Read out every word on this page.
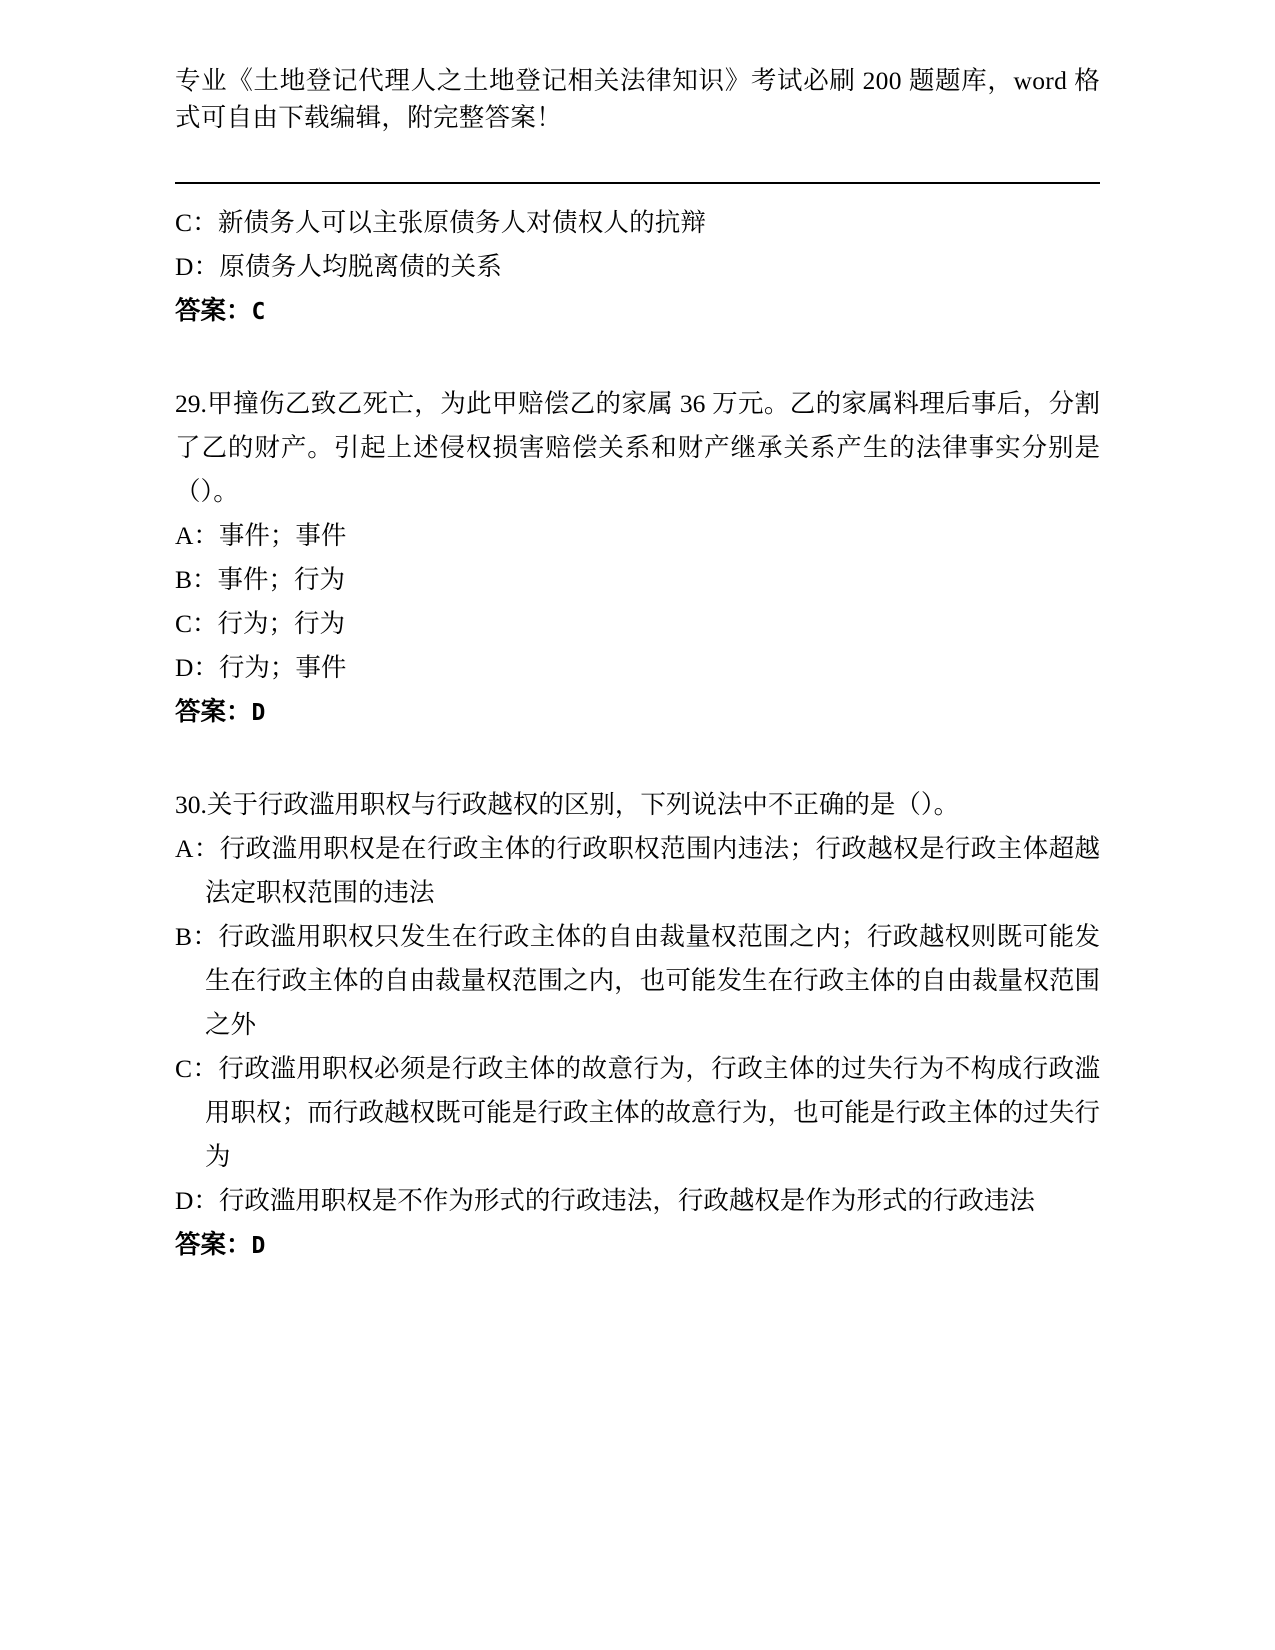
专业《土地登记代理人之土地登记相关法律知识》考试必刷 200 题题库，word 格式可自由下载编辑，附完整答案！
C：新债务人可以主张原债务人对债权人的抗辩
D：原债务人均脱离债的关系
答案：C
29.甲撞伤乙致乙死亡，为此甲赔偿乙的家属 36 万元。乙的家属料理后事后，分割了乙的财产。引起上述侵权损害赔偿关系和财产继承关系产生的法律事实分别是（）。
A：事件；事件
B：事件；行为
C：行为；行为
D：行为；事件
答案：D
30.关于行政滥用职权与行政越权的区别，下列说法中不正确的是（）。
A：行政滥用职权是在行政主体的行政职权范围内违法；行政越权是行政主体超越法定职权范围的违法
B：行政滥用职权只发生在行政主体的自由裁量权范围之内；行政越权则既可能发生在行政主体的自由裁量权范围之内，也可能发生在行政主体的自由裁量权范围之外
C：行政滥用职权必须是行政主体的故意行为，行政主体的过失行为不构成行政滥用职权；而行政越权既可能是行政主体的故意行为，也可能是行政主体的过失行为
D：行政滥用职权是不作为形式的行政违法，行政越权是作为形式的行政违法
答案：D
